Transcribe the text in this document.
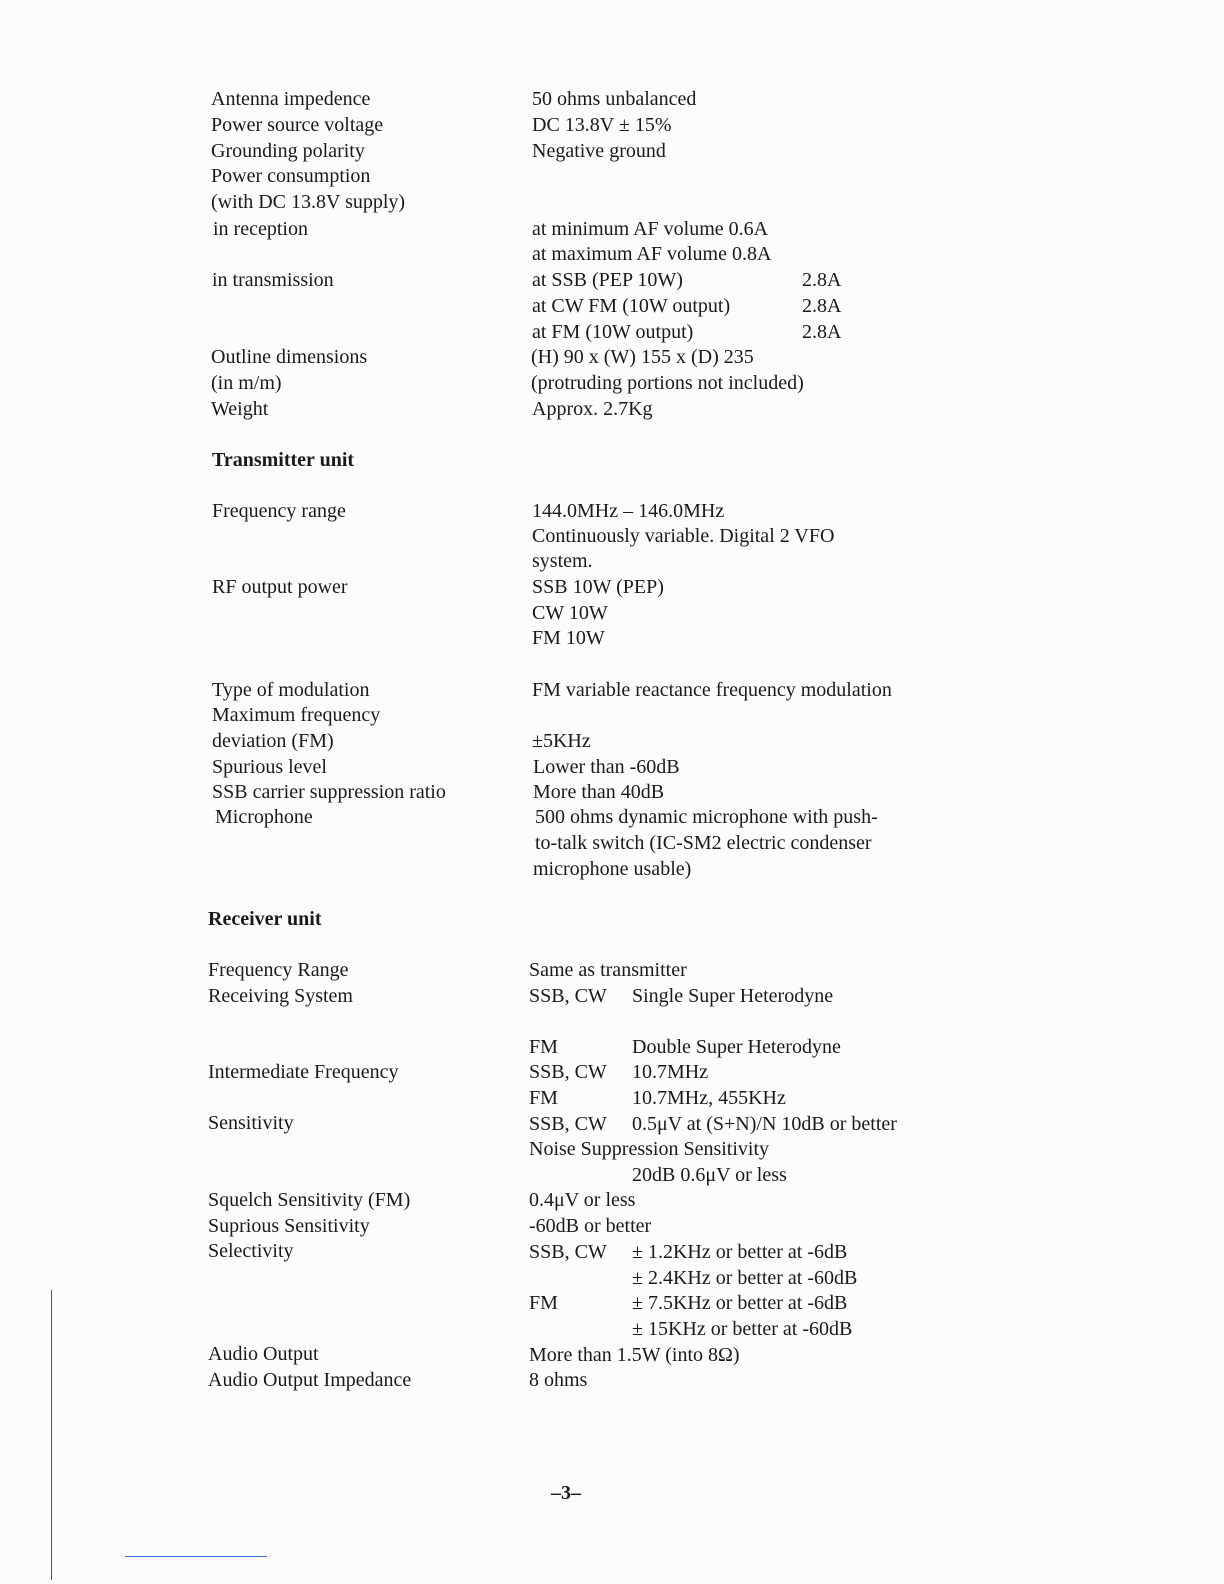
Antenna impedence	50 ohms unbalanced
Power source voltage	DC 13.8V ± 15%
Grounding polarity	Negative ground
Power consumption
(with DC 13.8V supply)
in reception	at minimum AF volume 0.6A
at maximum AF volume 0.8A
in transmission	at SSB (PEP 10W)	2.8A
at CW FM (10W output)	2.8A
at FM (10W output)	2.8A
Outline dimensions	(H) 90 x (W) 155 x (D) 235
(in m/m)	(protruding portions not included)
Weight	Approx. 2.7Kg
Transmitter unit
Frequency range	144.0MHz – 146.0MHz
Continuously variable. Digital 2 VFO
system.
RF output power	SSB 10W (PEP)
CW 10W
FM 10W
Type of modulation	FM variable reactance frequency modulation
Maximum frequency
deviation (FM)	±5KHz
Spurious level	Lower than -60dB
SSB carrier suppression ratio	More than 40dB
Microphone	500 ohms dynamic microphone with push-
to-talk switch (IC-SM2 electric condenser
microphone usable)
Receiver unit
Frequency Range	Same as transmitter
Receiving System	SSB, CW Single Super Heterodyne
FM	Double Super Heterodyne
Intermediate Frequency	SSB, CW 10.7MHz
FM	10.7MHz, 455KHz
Sensitivity	SSB, CW 0.5μV at (S+N)/N 10dB or better
Noise Suppression Sensitivity
20dB 0.6μV or less
Squelch Sensitivity (FM)	0.4μV or less
Suprious Sensitivity	-60dB or better
Selectivity	SSB, CW ± 1.2KHz or better at -6dB
± 2.4KHz or better at -60dB
FM	± 7.5KHz or better at -6dB
± 15KHz or better at -60dB
Audio Output	More than 1.5W (into 8Ω)
Audio Output Impedance	8 ohms
–3–
